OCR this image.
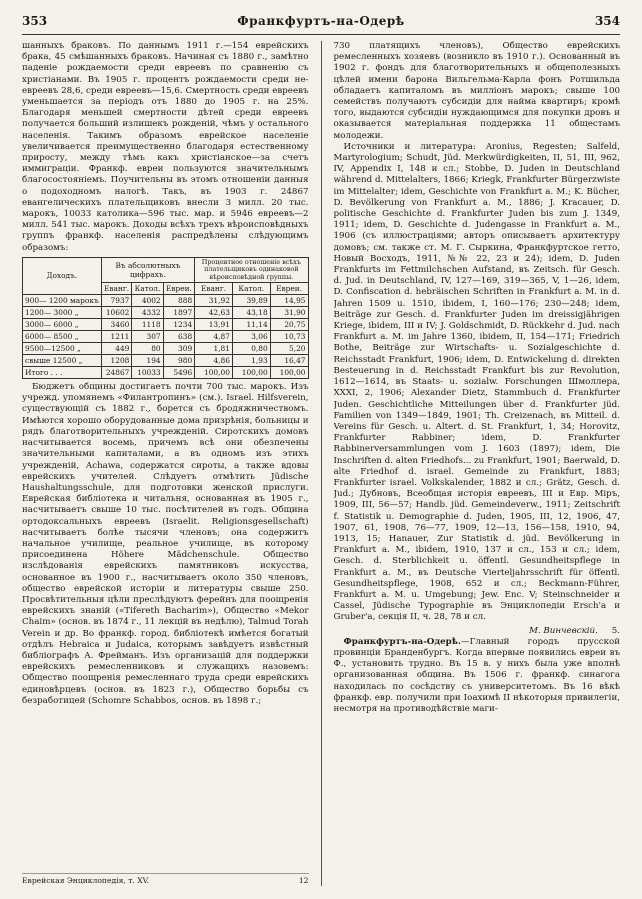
353	Франкфуртъ-на-Одерѣ	354

шанныхъ браковъ. По даннымъ 1911 г.—154 еврейскихъ брака, 45 смѣшанныхъ браковъ. Начиная съ 1880 г., замѣтно паденіе рождаемости среди евреевъ по сравненію съ христіанами. Въ 1905 г. процентъ рождаемости среди не-евреевъ 28,6, среди евреевъ—15,6. Смертность среди евреевъ уменьшается за періодъ отъ 1880 до 1905 г. на 25%. Благодаря меньшей смертности дѣтей среди евреевъ получается больший излишекъ рожденій, чѣмъ у остального населенія. Такимъ образомъ еврейское населеніе увеличивается преимущественно благодаря естественному приросту, между тѣмъ какъ христіанское—за счетъ иммиграціи. Франкф. евреи пользуются значительнымъ благосостояніемъ. Поучительны въ этомъ отношеніи данныя о подоходномъ налогѣ. Такъ, въ 1903 г. 24867 евангелическихъ плательщиковъ внесли 3 милл. 20 тыс. марокъ, 10033 католика—596 тыс. мар. и 5946 евреевъ—2 милл. 541 тыс. марокъ. Доходы всѣхъ трехъ вѣроисповѣдныхъ группъ франкф. населенія распредѣлены слѣдующимъ образомъ:

Доходъ.	Въ абсолютныхъ цифрахъ.			Процентное отношеніе всѣхъ плательщиковъ одинаковой вѣроисповѣдной группы.		
	Еванг.	Катол.	Евреи.	Еванг.	Катол.	Евреи.
900— 1200 марокъ	7937	4002	888	31,92	39,89	14,95
1200— 3000 „	10602	4332	1897	42,63	43,18	31,90
3000— 6000 „	3460	1118	1234	13,91	11,14	20,75
6000— 8500 „	1211	307	638	4,87	3,06	10,73
9500—12500 „	449	80	309	1,81	0,80	5,20
свыше 12500 „	1208	194	980	4,86	1,93	16,47
Итого . . .	24867	10033	5496	100,00	100,00	100,00

Бюджетъ общины достигаетъ почти 700 тыс. марокъ. Изъ учрежд. упомянемъ «Филантропинъ» (см.). Israel. Hilfsverein, существующій съ 1882 г., борется съ бродяжничествомъ. Имѣются хорошо оборудованные дома призрѣнія, больницы и рядъ благотворительныхъ учрежденій. Сиротскихъ домовъ насчитывается восемь, причемъ всѣ они обезпечены значительными капиталами, а въ одномъ изъ этихъ учрежденій, Achawa, содержатся сироты, а также вдовы еврейскихъ учителей. Слѣдуетъ отмѣтить Jüdische Haushaltungsschule, для подготовки женской прислуги. Еврейская библіотека и читальня, основанная въ 1905 г., насчитываетъ свыше 10 тыс. посѣтителей въ годъ. Община ортодоксальныхъ евреевъ (Israelit. Religionsgesellschaft) насчитываетъ болѣе тысячи членовъ; она содержитъ начальное училище, реальное училище, въ которому присоединена Höhere Mädchenschule. Общество изслѣдованія еврейскихъ памятниковъ искусства, основанное въ 1900 г., насчитываетъ около 350 членовъ, общество еврейской исторіи и литературы свыше 250. Просвѣтительныя цѣли преслѣдуютъ ферейнъ для поощренія еврейскихъ знаній («Tifereth Bacharim»), Общество «Mekor Chaim» (основ. въ 1874 г., 11 лекцій въ недѣлю), Talmud Torah Verein и др. Во франкф. город. библіотекѣ имѣется богатый отдѣлъ Hebraica и Judaica, которымъ завѣдуетъ извѣстный библіографъ А. Фрейманъ. Изъ организацій для поддержки еврейскихъ ремесленниковъ и служащихъ назовемъ: Общество поощренія ремесленнаго труда среди еврейскихъ единовѣрцевъ (основ. въ 1823 г.), Общество борьбы съ безработицей (Schomre Schabbos, основ. въ 1898 г.;

Еврейская Энциклопедія, т. XV.	12

730 платящихъ членовъ), Общество еврейскихъ ремесленныхъ хозяевъ (возникло въ 1910 г.). Основанный въ 1902 г. фондъ для благотворительныхъ и общеполезныхъ цѣлей имени барона Вильгельма-Карла фонъ Ротшильда обладаетъ капиталомъ въ милліонъ марокъ; свыше 100 семействъ получаютъ субсидіи для найма квартиръ; кромѣ того, выдаются субсидіи нуждающимся для покупки дровъ и оказывается матеріальная поддержка 11 общестамъ молодежи.

Источники и литература: Aronius, Regesten; Salfeld, Martyrologium; Schudt, Jüd. Merkwürdigkeiten, II, 51, III, 962, IV, Appendix I, 148 и сл.; Stobbe, D. Juden in Deutschland während d. Mittelalters, 1866; Kriegk, Frankfurter Bürgerzwiste im Mittelalter; idem, Geschichte von Frankfurt a. M.; K. Bücher, D. Bevölkerung von Frankfurt a. M., 1886; J. Kracauer, D. politische Geschichte d. Frankfurter Juden bis zum J. 1349, 1911; idem, D. Geschichte d. Judengasse in Frankfurt a. M., 1906 (съ иллюстраціями; авторъ описываетъ архитектуру домовъ; см. также ст. М. Г. Сыркина, Франкфуртское гетто, Новый Восходъ, 1911, №№ 22, 23 и 24); idem, D. Juden Frankfurts im Fettmilchschen Aufstand, въ Zeitsch. für Gesch. d. Jud. in Deutschland, IV, 127—169, 319—365, V, 1—26, idem, D. Confiscation d. hebräischen Schriften in Frankfurt a. M. in d. Jahren 1509 u. 1510, ibidem, I, 160—176; 230—248; idem, Beiträge zur Gesch. d. Frankfurter Juden im dreissigjährigen Kriege, ibidem, III и IV; J. Goldschmidt, D. Rückkehr d. Jud. nach Frankfurt a. M. im Jahre 1360, ibidem, II, 154—171; Friedrich Bothe, Beiträge zur Wirtschafts- u. Sozialgeschichte d. Reichsstadt Frankfurt, 1906; idem, D. Entwickelung d. direkten Besteuerung in d. Reichsstadt Frankfurt bis zur Revolution, 1612—1614, въ Staats- u. sozialw. Forschungen Шмоллера, XXXI, 2, 1906; Alexander Dietz, Stammbuch d. Frankfurter Juden. Geschichtliche Mitteilungen über d. Frankfurter jüd. Familien von 1349—1849, 1901; Th. Creizenach, въ Mitteil. d. Vereins für Gesch. u. Altert. d. St. Frankfurt, 1, 34; Horovitz, Frankfurter Rabbiner; idem, D. Frankfurter Rabbinerversammlungen vom J. 1603 (1897); idem, Die Inschriften d. alten Friedhofs... zu Frankfurt, 1901; Baerwald, D. alte Friedhof d. israel. Gemeinde zu Frankfurt, 1883; Frankfurter israel. Volkskalender, 1882 и сл.; Grätz, Gesch. d. Jud.; Дубновъ, Всеобщая исторія евреевъ, III и Евр. Міръ, 1909, III, 56—57; Handb. jüd. Gemeindeverw., 1911; Zeitschrift f. Statistik u. Demographie d. Juden, 1905, III, 12, 1906, 47, 1907, 61, 1908, 76—77, 1909, 12—13, 156—158, 1910, 94, 1913, 15; Hanauer, Zur Statistik d. jüd. Bevölkerung in Frankfurt a. M., ibidem, 1910, 137 и сл., 153 и сл.; idem, Gesch. d. Sterblichkeit u. öffentl. Gesundheitspflege in Frankfurt a. M., въ Deutsche Vierteljahrsschrift für öffentl. Gesundheitspflege, 1908, 652 и сл.; Beckmann-Führer, Frankfurt a. M. u. Umgebung; Jew. Enc. V; Steinschneider и Cassel, Jüdische Typographie въ Энциклопедіи Ersch'а и Gruber'а, секція II, ч. 28, 78 и сл.

М. Винчевскій. 5.

Франкфуртъ-на-Одерѣ.—Главный городъ прусской провинціи Бранденбургъ. Когда впервые появились евреи въ Ф., установить трудно. Въ 15 в. у нихъ была уже вполнѣ организованная община. Въ 1506 г. франкф. синагога находилась по сосѣдству съ университетомъ. Въ 16 вѣкѣ франкф. евр. получили при Іоахимѣ II нѣкоторыя привилегіи, несмотря на противодѣйствіе маги-
